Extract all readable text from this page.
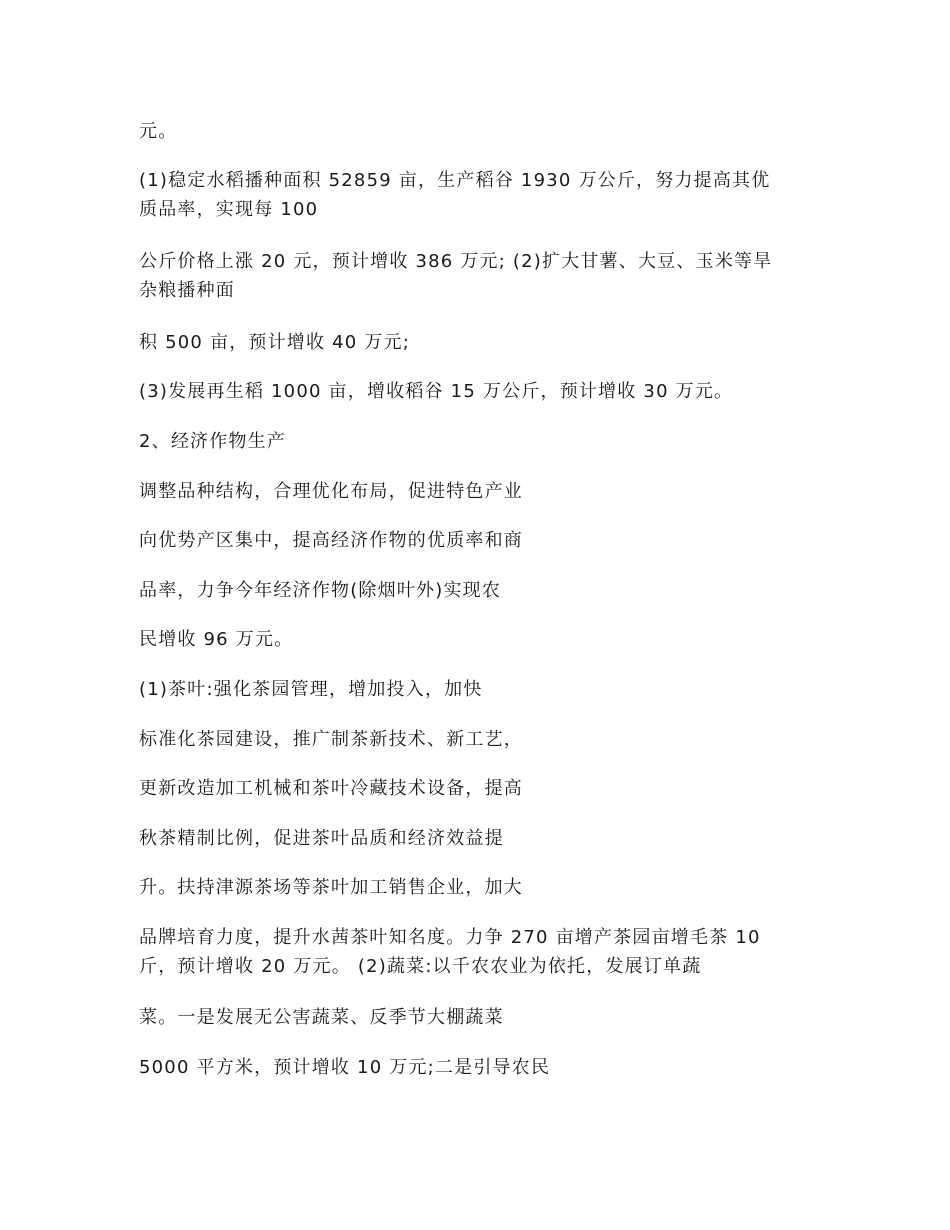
元。

(1)稳定水稻播种面积 52859 亩，生产稻谷 1930 万公斤，努力提高其优
质品率，实现每 100

公斤价格上涨 20 元，预计增收 386 万元; (2)扩大甘薯、大豆、玉米等旱
杂粮播种面

积 500 亩，预计增收 40 万元;

(3)发展再生稻 1000 亩，增收稻谷 15 万公斤，预计增收 30 万元。

2、经济作物生产

调整品种结构，合理优化布局，促进特色产业

向优势产区集中，提高经济作物的优质率和商

品率，力争今年经济作物(除烟叶外)实现农

民增收 96 万元。

(1)茶叶:强化茶园管理，增加投入，加快

标准化茶园建设，推广制茶新技术、新工艺，

更新改造加工机械和茶叶冷藏技术设备，提高

秋茶精制比例，促进茶叶品质和经济效益提

升。扶持津源茶场等茶叶加工销售企业，加大

品牌培育力度，提升水茜茶叶知名度。力争 270 亩增产茶园亩增毛茶 10
斤，预计增收 20 万元。 (2)蔬菜:以千农农业为依托，发展订单蔬

菜。一是发展无公害蔬菜、反季节大棚蔬菜

5000 平方米，预计增收 10 万元;二是引导农民
